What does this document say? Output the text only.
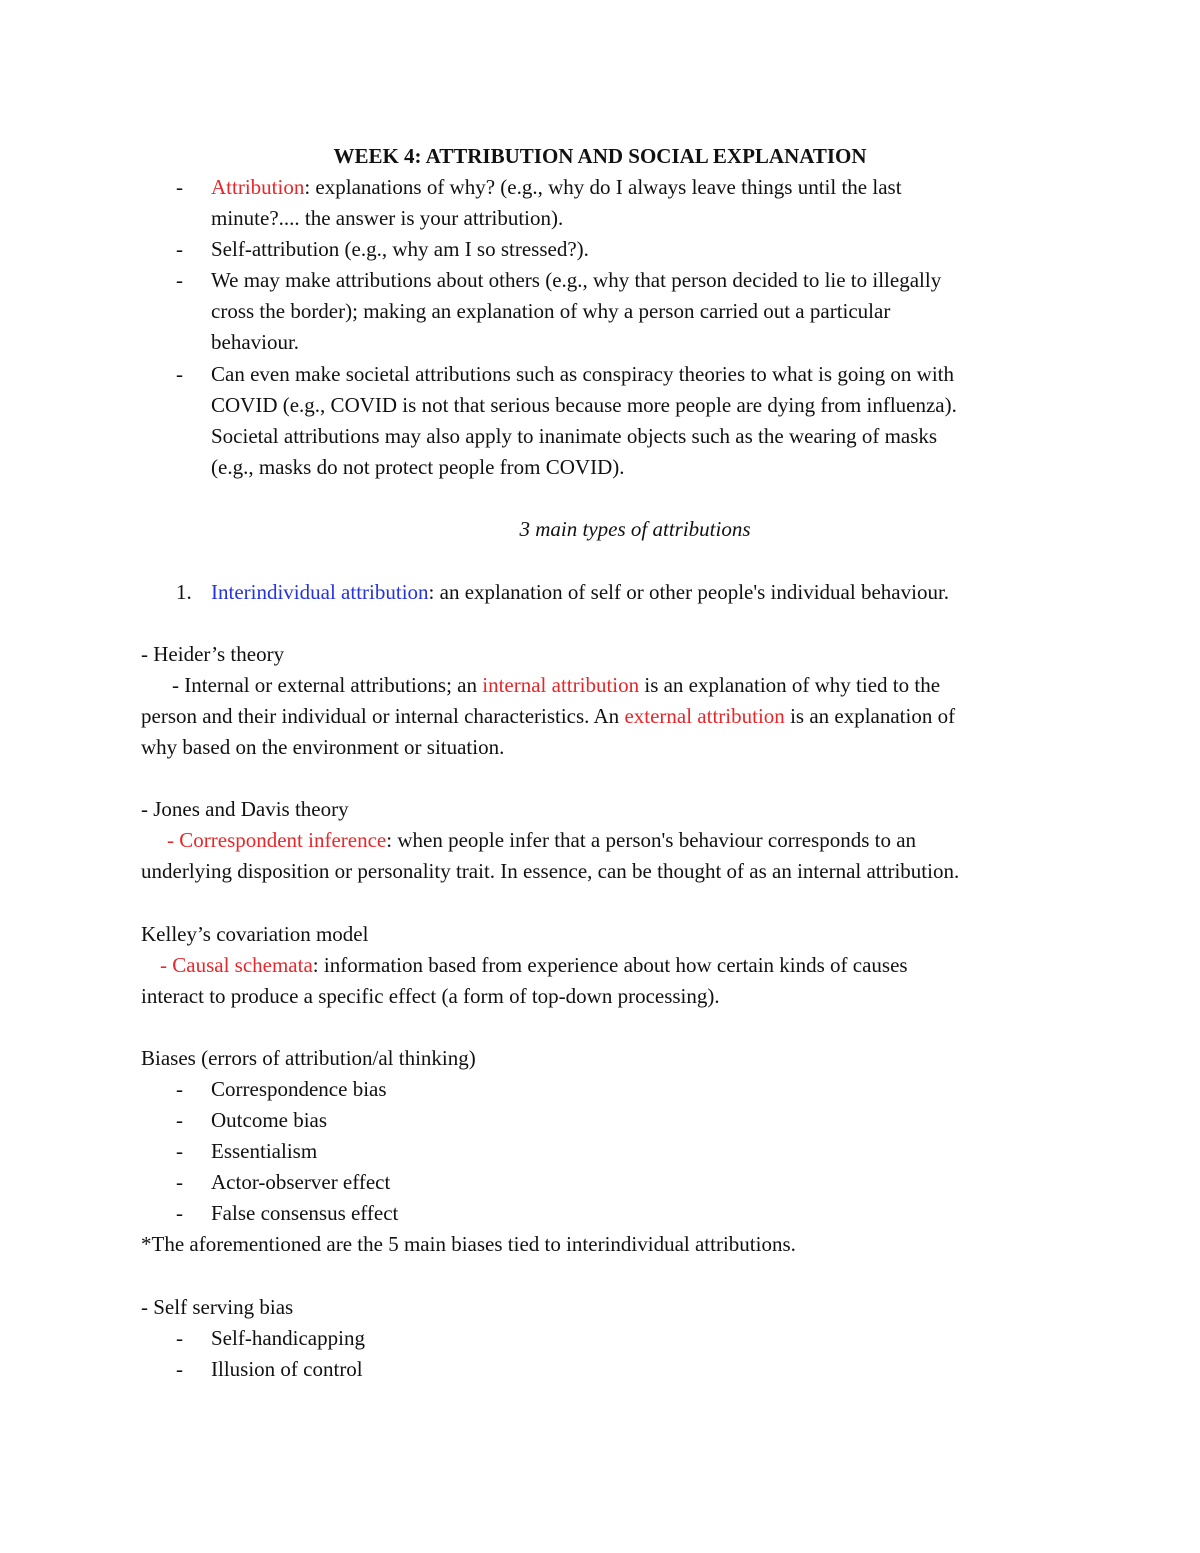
WEEK 4: ATTRIBUTION AND SOCIAL EXPLANATION
- Attribution: explanations of why? (e.g., why do I always leave things until the last
minute?.... the answer is your attribution).
- Self-attribution (e.g., why am I so stressed?).
- We may make attributions about others (e.g., why that person decided to lie to illegally
cross the border); making an explanation of why a person carried out a particular
behaviour.
- Can even make societal attributions such as conspiracy theories to what is going on with
COVID (e.g., COVID is not that serious because more people are dying from influenza).
Societal attributions may also apply to inanimate objects such as the wearing of masks
(e.g., masks do not protect people from COVID).
3 main types of attributions
1. Interindividual attribution: an explanation of self or other people's individual behaviour.
- Heider’s theory
- Internal or external attributions; an internal attribution is an explanation of why tied to the
person and their individual or internal characteristics. An external attribution is an explanation of
why based on the environment or situation.
- Jones and Davis theory
- Correspondent inference: when people infer that a person's behaviour corresponds to an
underlying disposition or personality trait. In essence, can be thought of as an internal attribution.
Kelley’s covariation model
- Causal schemata: information based from experience about how certain kinds of causes
interact to produce a specific effect (a form of top-down processing).
Biases (errors of attribution/al thinking)
- Correspondence bias
- Outcome bias
- Essentialism
- Actor-observer effect
- False consensus effect
*The aforementioned are the 5 main biases tied to interindividual attributions.
- Self serving bias
- Self-handicapping
- Illusion of control
